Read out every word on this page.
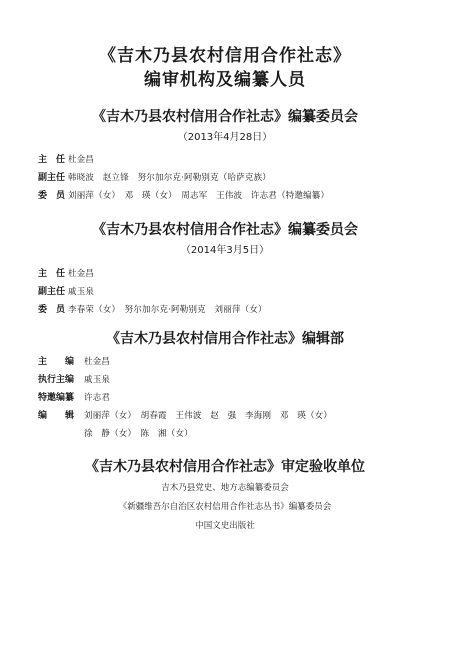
《吉木乃县农村信用合作社志》
编审机构及编纂人员
《吉木乃县农村信用合作社志》编纂委员会
（2013年4月28日）
主　任 杜金昌
副主任 韩晓波　赵立锋　努尔加尔克·阿勒别克（哈萨克族）
委　员 刘丽萍（女）　邓　瑛（女）　周志军　王伟波　许志君（特邀编纂）
《吉木乃县农村信用合作社志》编纂委员会
（2014年3月5日）
主　任 杜金昌
副主任 戚玉泉
委　员 李春荣（女）　努尔加尔克·阿勒别克　刘丽萍（女）
《吉木乃县农村信用合作社志》编辑部
主　　编 杜金昌
执行主编 戚玉泉
特邀编纂 许志君
编　　辑 刘丽萍（女）　胡春霞　王伟波　赵　强　李海刚　邓　瑛（女）
徐　静（女）　陈　湘（女）
《吉木乃县农村信用合作社志》审定验收单位
吉木乃县党史、地方志编纂委员会
《新疆维吾尔自治区农村信用合作社志丛书》编纂委员会
中国文史出版社
